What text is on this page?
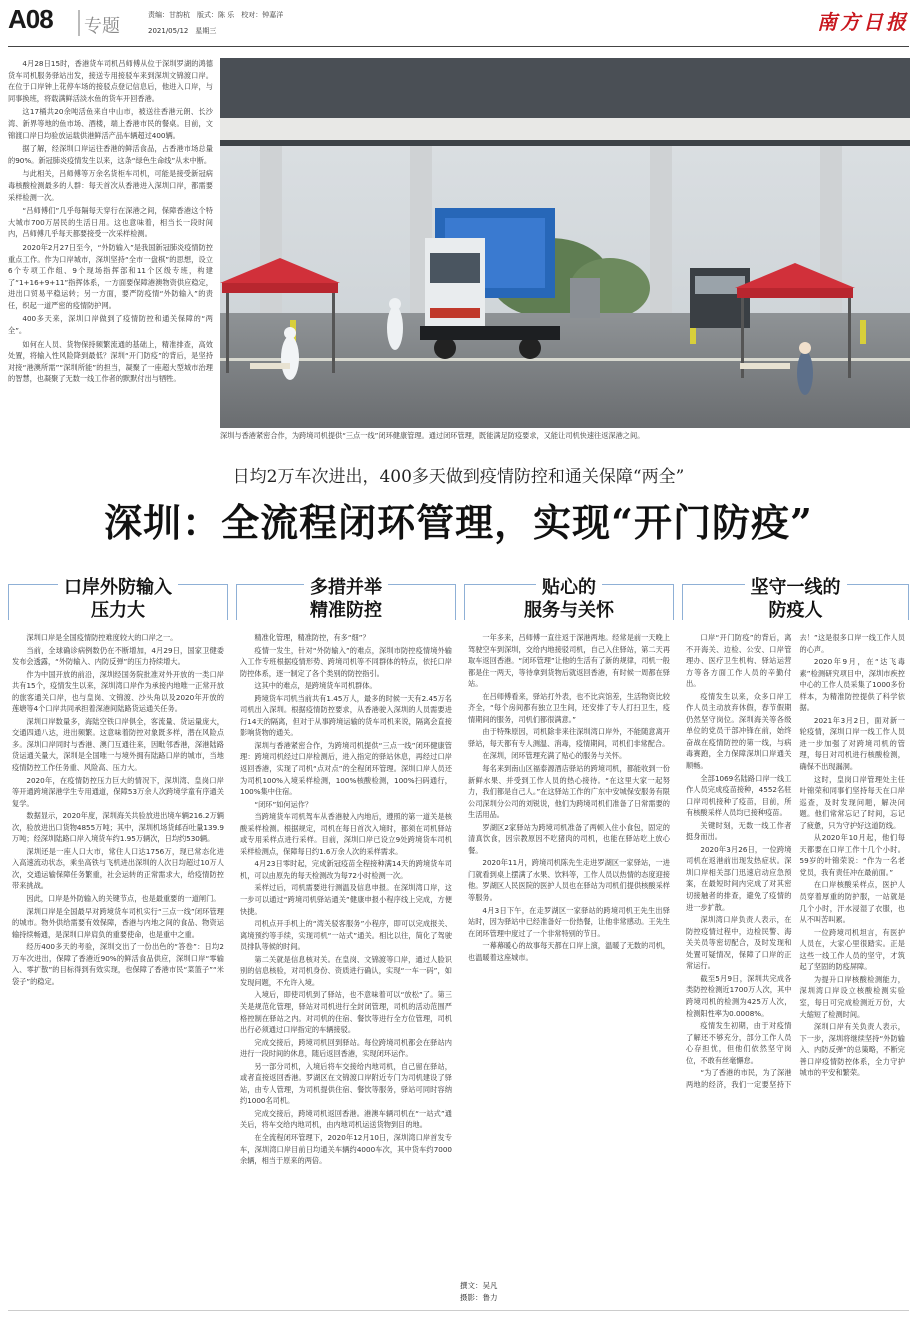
A08 专题
责编：甘韵杭　版式：陈 乐　校对：钟嘉洋
2021/05/12　星期三	南方日报

4月28日15时，香港货车司机吕师傅从位于深圳罗湖的鸿德货车司机服务驿站出发，接送专用接驳车来到深圳文锦渡口岸。在位于口岸钟上花停车场的接驳点登记信息后，他进入口岸，与同事换班，将载满鲜活淡水鱼的货车开回香港。

这17桶共20余吨活鱼来自中山市，被送往香港元朗、长沙湾、新界等地的鱼市场、酒楼，端上香港市民的餐桌。目前，文锦渡口岸日均验放运载供港鲜活产品车辆超过400辆。

据了解，经深圳口岸运往香港的鲜活食品，占香港市场总量的90%。新冠肺炎疫情发生以来，这条“绿色生命线”从未中断。

与此相关，吕师傅等万余名货柜车司机，可能是接受新冠病毒核酸检测最多的人群：每天首次从香港进入深圳口岸，都需要采样检测一次。

“吕师傅们”几乎每隔每天穿行在深港之间，保障香港这个特大城市700万居民的生活日用。这也意味着，相当长一段时间内，吕师傅几乎每天都要接受一次采样检测。

2020年2月27日至今，“外防输入”是我国新冠肺炎疫情防控重点工作。作为口岸城市，深圳坚持“全市一盘棋”的思想，设立6个专项工作组、9个现场指挥部和11个区级专班，构建了“1+16+9+11”指挥体系，一方面要保障港澳物资供应稳定，进出口贸易平稳运转；另一方面，要严防疫情“外防输入”的责任，织起一道严密的疫情防护网。

400多天来，深圳口岸做到了疫情防控和通关保障的“两全”。

如何在人员、货物保持频繁流通的基础上，精准排查，高效处置，将输入性风险降到最低？深圳“开门防疫”的背后，是坚持对接“港澳所需”“深圳所能”的担当，凝聚了一座超大型城市治理的智慧，也凝聚了无数一线工作者的默默付出与牺牲。

深圳与香港紧密合作，为跨境司机提供“三点一线”闭环健康管理。通过闭环管理，既能满足防疫要求，又能让司机快速往返深港之间。
日均2万车次进出，400多天做到疫情防控和通关保障“两全”
深圳：全流程闭环管理，实现“开门防疫”
口岸外防输入
压力大

深圳口岸是全国疫情防控难度较大的口岸之一。

当前，全球确诊病例数仍在不断增加，4月29日，国家卫健委发布会透露，“外防输入、内防反弹”的压力持续增大。

作为中国开放的前沿，深圳经国务院批准对外开放的一类口岸共有15个，疫情发生以来，深圳湾口岸作为承接内地唯一正常开放的旅客通关口岸，也与皇岗、文锦渡、沙头角以及2020年开放的莲塘等4个口岸共同承担着深港间陆路货运通关任务。

深圳口岸数量多，海陆空铁口岸俱全，客流量、货运量庞大，交通四通八达，进出频繁。这意味着防控对象既多样，潜在风险点多。深圳口岸同时与香港、澳门互通往来，因毗邻香港，深港陆路货运通关量大，深圳是全国唯一与境外拥有陆路口岸的城市，当地疫情防控工作任务重、风险高、压力大。

2020年，在疫情防控压力巨大的情况下，深圳湾、皇岗口岸等开通跨境深港学生专用通道，保障53万余人次跨境学童有序通关复学。

数据显示，2020年度，深圳海关共验放进出境车辆216.2万辆次，验放进出口货物4855万吨；其中，深圳机场货邮吞吐量139.9万吨；经深圳陆路口岸入境货车约1.95万辆次，日均约530辆。

深圳还是一座人口大市，常住人口达1756万，现已常态化进入高速流动状态，乘坐高铁与飞机进出深圳的人次日均超过10万人次，交通运输保障任务繁重，社会运转的正常需求大，给疫情防控带来挑战。

因此，口岸是外防输入的关键节点，也是最重要的一道闸门。

深圳口岸是全国最早对跨境货车司机实行“三点一线”闭环管理的城市。物外供给需要有效保障，香港与内地之间的食品、物资运输持续畅通，是深圳口岸肩负的重要使命，也是重中之重。

经历400多天的考验，深圳交出了一份出色的“答卷”：日均2万车次进出，保障了香港近90%的鲜活食品供应，深圳口岸“零输入、零扩散”的目标得到有效实现，也保障了香港市民“菜篮子”“米袋子”的稳定。

多措并举
精准防控

精准化管理，精准防控，有多“细”？

疫情一发生，针对“外防输入”的难点，深圳市防控疫情境外输入工作专班根据疫情形势、跨境司机等不同群体的特点，依托口岸防控体系，逐一制定了各个类别的防控指引。

这其中的难点，是跨境货车司机群体。

跨境货车司机当前共有1.45万人，最多的时候一天有2.45万名司机出入深圳。根据疫情防控要求，从香港驶入深圳的人员需要进行14天的隔离，但对于从事跨境运输的货车司机来说，隔离会直接影响货物的通关。

深圳与香港紧密合作，为跨境司机提供“三点一线”闭环健康管理：跨境司机经过口岸检测后，进入指定的驿站休息，再经过口岸返回香港，实现了司机“点对点”的全程闭环管理。深圳口岸人员还为司机100%入境采样检测，100%核酸检测，100%扫码通行，100%集中住宿。

“闭环”如何运作？

当跨境货车司机驾车从香港驶入内地后，遵照的第一道关是核酸采样检测。根据规定，司机在每日首次入境时，都须在司机驿站或专用采样点进行采样。目前，深圳口岸已设立9处跨境货车司机采样检测点，保障每日约1.6万余人次的采样需求。

4月23日零时起，完成新冠疫苗全程接种满14天的跨境货车司机，可以由原先的每天检测改为每72小时检测一次。

采样过后，司机需要进行测温及信息申报。在深圳湾口岸，这一步可以通过“跨境司机驿站通关”健康申报小程序线上完成，方便快捷。

司机点开手机上的“湾关驳客服务”小程序，即可以完成报关、离境预约等手续，实现司机“一站式”通关。相比以往，简化了驾驶员排队等候的时间。

第二关就是信息核对关。在皇岗、文锦渡等口岸，通过人脸识别的信息核验，对司机身份、资质进行确认，实现“一车一码”，如发现问题，不允许入境。

入境后，即使司机到了驿站，也不意味着可以“放松”了。第三关是规范化管理，驿站对司机进行全封闭管理，司机的活动范围严格控制在驿站之内。对司机的住宿、餐饮等进行全方位管理，司机出行必须通过口岸指定的车辆接驳。

完成交接后，跨境司机回到驿站。每位跨境司机都会在驿站内进行一段时间的休息，随后返回香港，实现闭环运作。

另一部分司机，入境后将车交接给内地司机，自己留在驿站，或者直接返回香港。罗湖区在文锦渡口岸附近专门为司机建设了驿站，由专人管理，为司机提供住宿、餐饮等服务，驿站可同时容纳约1000名司机。

完成交接后，跨境司机返回香港。港澳车辆司机在“一站式”通关后，将车交给内地司机，由内地司机运送货物到目的地。

在全流程闭环管理下，2020年12月10日，深圳湾口岸首发专车，深圳湾口岸目前日均通关车辆约4000车次，其中货车约7000余辆，相当于原来的两倍。

贴心的
服务与关怀

一年多来，吕师傅一直往返于深港两地。经常是前一天晚上驾驶空车到深圳，交给内地接驳司机，自己入住驿站，第二天再取车返回香港。“闭环管理”让他的生活有了新的规律，司机一般都是住一两天，等待拿到货物后就返回香港，有时候一周都在驿站。

在吕师傅看来，驿站打外表，也不比宾馆差，生活物资比较齐全，“每个房间都有独立卫生间，还安排了专人打扫卫生，疫情期间的服务，司机们都很满意。”

由于特殊原因，司机除非来往深圳湾口岸外，不能随意离开驿站，每天都有专人测温、消毒，疫情期间，司机们非常配合。

在深圳，闭环管理充满了贴心的服务与关怀。

每名来到南山区福泰源酒店驿站的跨境司机，都能收到一份新鲜水果、并受到工作人员的热心接待。“在这里大家一起努力，我们都是自己人。”在这驿站工作的广东中安城保安服务有限公司深圳分公司的刘锐说，他们为跨境司机们准备了日常需要的生活用品。

罗湖区2家驿站为跨境司机准备了两顿入住小食包，固定的清真饮食，因宗教原因不吃猪肉的司机，也能在驿站吃上放心餐。

2020年11月，跨境司机陈先生走进罗湖区一家驿站，一进门就看到桌上摆满了水果、饮料等，工作人员以热情的态度迎接他。罗湖区人民医院的医护人员也在驿站为司机们提供核酸采样等服务。

4月3日下午，在走罗湖区一家驿站的跨境司机王先生出驿站时，因为驿站中已经准备好一份热餐，让他非常感动。王先生在闭环管理中度过了一个非常特别的节日。

一幕幕暖心的故事每天都在口岸上演，温暖了无数的司机，也温暖着这座城市。

坚守一线的
防疫人

口岸“开门防疫”的背后，离不开海关、边检、公安、口岸管理办、医疗卫生机构、驿站运营方等各方面工作人员的辛勤付出。

疫情发生以来，众多口岸工作人员主动放弃休假，春节假期仍然坚守岗位。深圳海关等各级单位的党员干部冲锋在前，始终奋战在疫情防控的第一线，与病毒赛跑，全力保障深圳口岸通关顺畅。

全部1069名陆路口岸一线工作人员完成疫苗接种，4552名驻口岸司机接种了疫苗，目前，所有核酸采样人员均已接种疫苗。

关键时刻，无数一线工作者挺身而出。

2020年3月26日，一位跨境司机在返港前出现发热症状。深圳口岸相关部门迅速启动应急预案，在最短时间内完成了对其密切接触者的排查，避免了疫情的进一步扩散。

深圳湾口岸负责人表示，在防控疫情过程中，边检民警、海关关员等密切配合，及时发现和处置可疑情况，保障了口岸的正常运行。

截至5月9日，深圳共完成各类防控检测近1700万人次，其中跨境司机的检测为425万人次，检测阳性率为0.0008%。

疫情发生初期，由于对疫情了解还不够充分，部分工作人员心存担忧，但他们依然坚守岗位，不敢有丝毫懈怠。

“为了香港的市民，为了深港两地的经济，我们一定要坚持下去！”这是很多口岸一线工作人员的心声。

2020年9月，在“达飞毒素”检测研究项目中，深圳市疾控中心的工作人员采集了1000多份样本，为精准防控提供了科学依据。

2021年3月2日，面对新一轮疫情，深圳口岸一线工作人员进一步加强了对跨境司机的管理，每日对司机进行核酸检测，确保不出现漏洞。

这时，皇岗口岸管理处主任叶锦荣和同事们坚持每天在口岸巡查，及时发现问题，解决问题。他们常常忘记了时间，忘记了疲惫，只为守护好这道防线。

从2020年10月起，他们每天都要在口岸工作十几个小时。59岁的叶锦荣说：“作为一名老党员，我有责任冲在最前面。”

在口岸核酸采样点，医护人员穿着厚重的防护服，一站就是几个小时，汗水浸湿了衣服，也从不叫苦叫累。

一位跨境司机坦言，有医护人员在，大家心里很踏实。正是这些一线工作人员的坚守，才筑起了坚固的防疫屏障。

为提升口岸核酸检测能力，深圳湾口岸设立核酸检测实验室，每日可完成检测近万份，大大缩短了检测时间。

深圳口岸有关负责人表示，下一步，深圳将继续坚持“外防输入、内防反弹”的总策略，不断完善口岸疫情防控体系，全力守护城市的平安和繁荣。

撰文：吴凡
摄影：鲁力
